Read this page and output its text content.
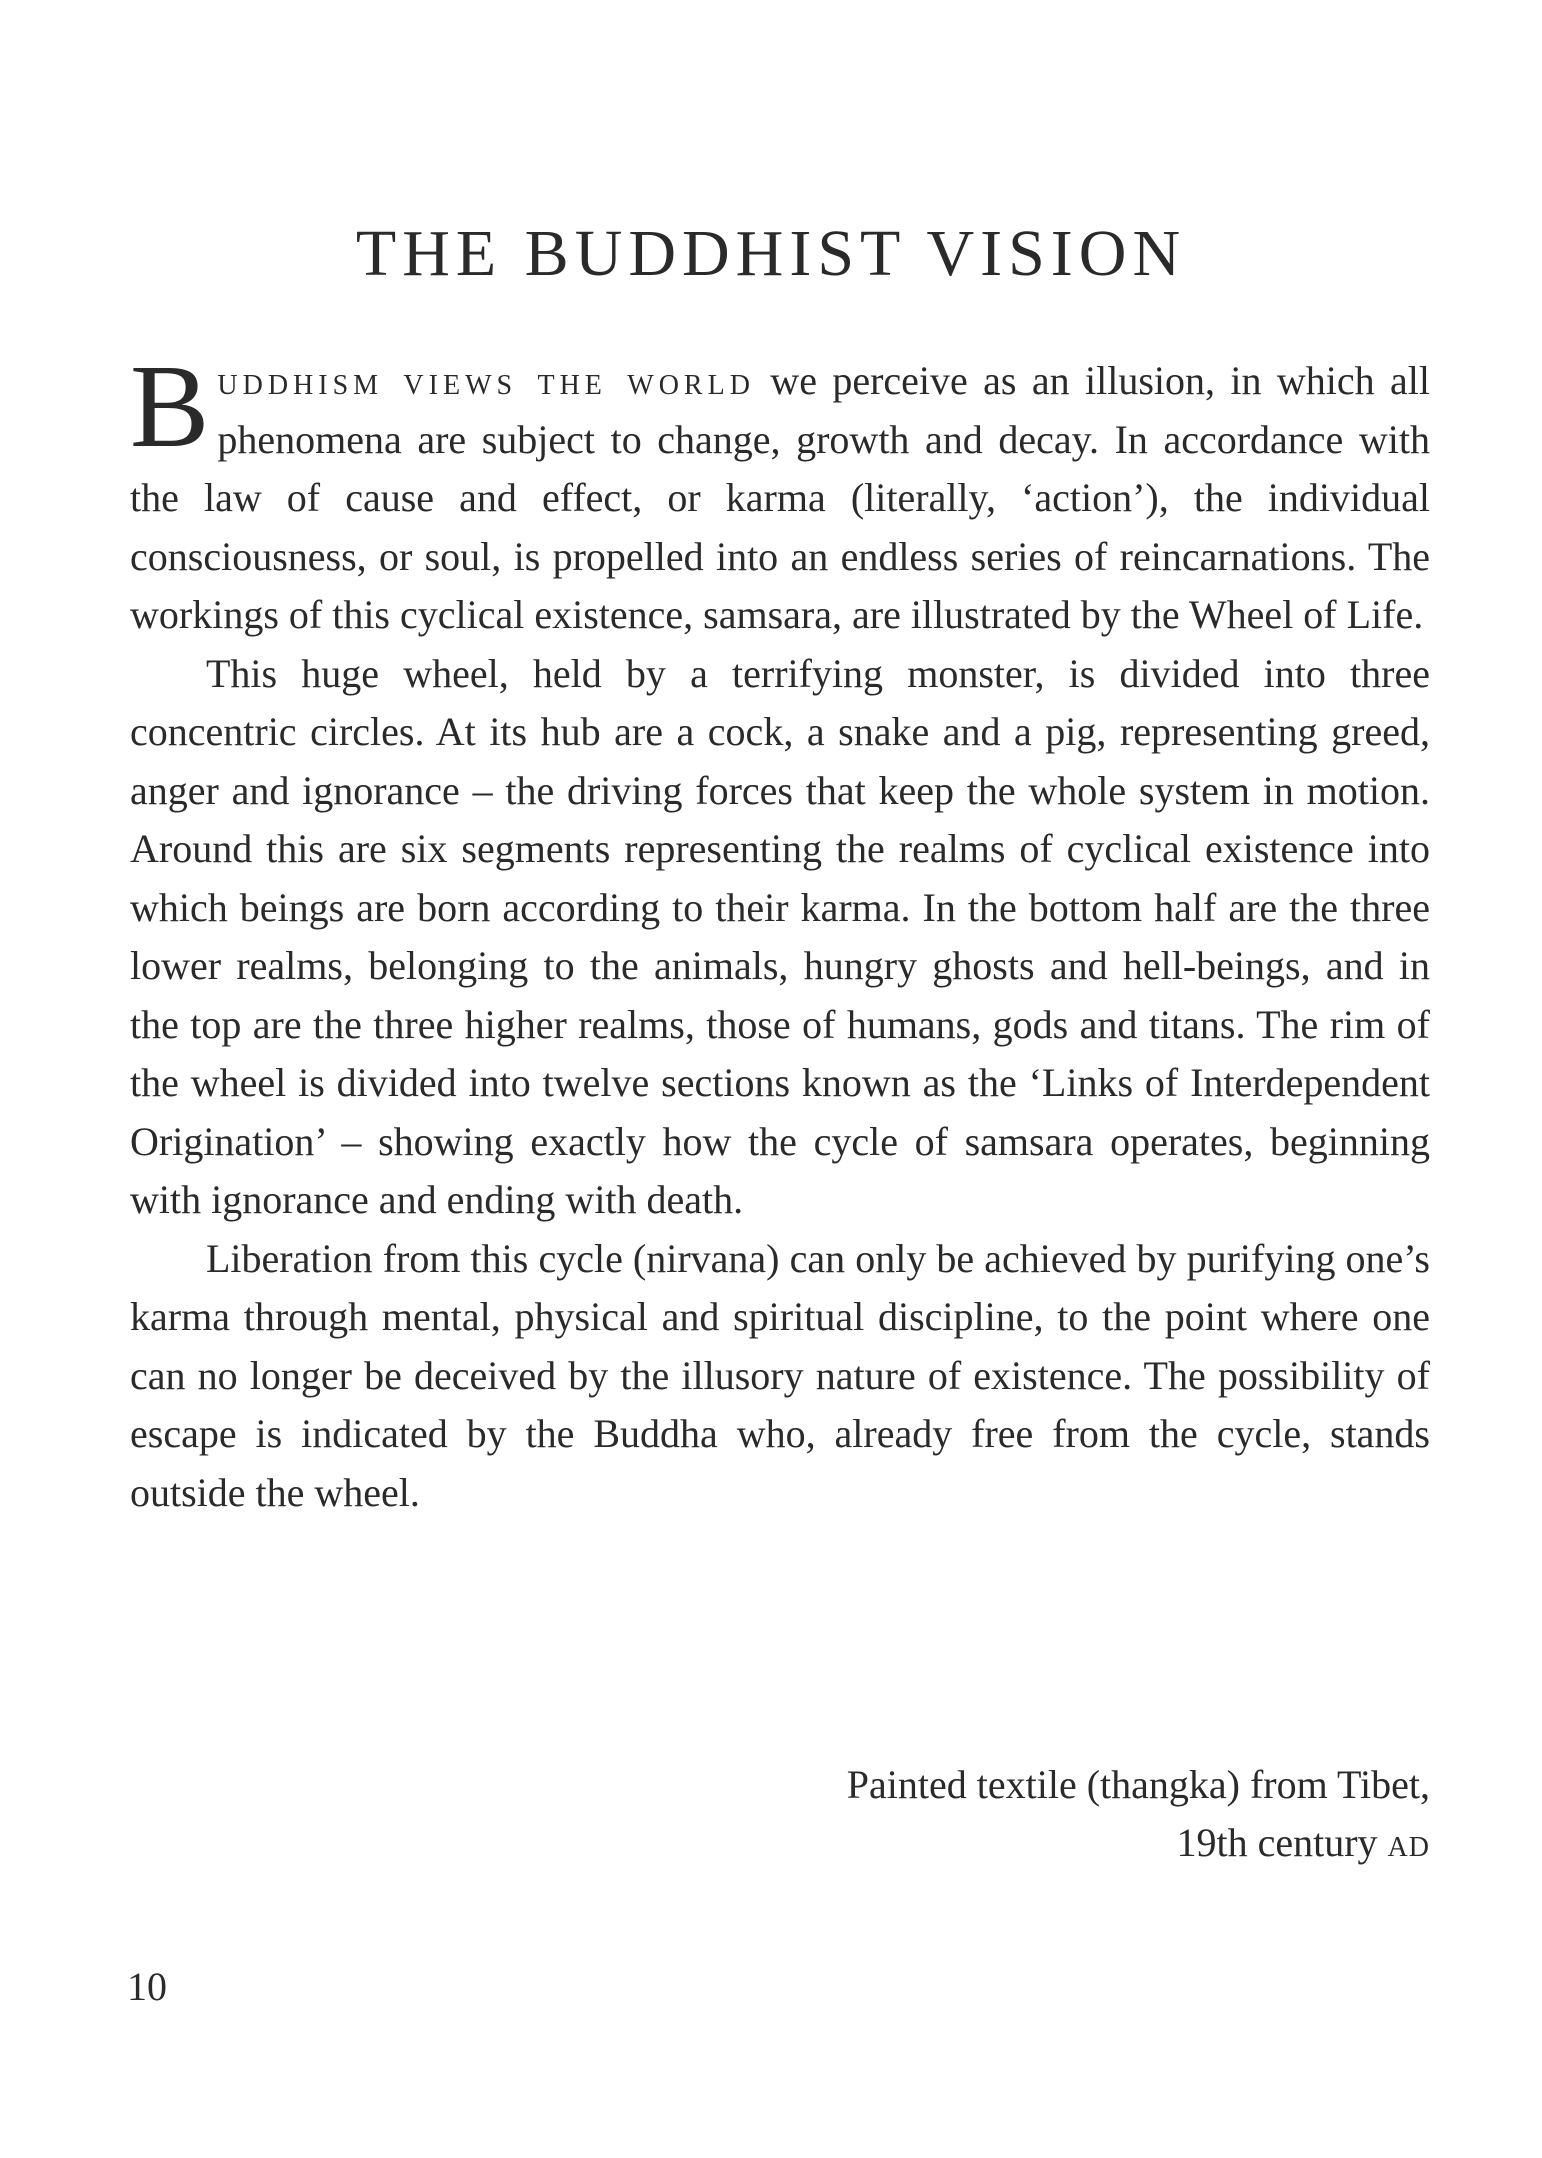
THE BUDDHIST VISION

Buddhism views the world we perceive as an illusion, in which all phenomena are subject to change, growth and decay. In accordance with the law of cause and effect, or karma (literally, ‘action’), the individual consciousness, or soul, is propelled into an endless series of reincarnations. The workings of this cyclical existence, samsara, are illustrated by the Wheel of Life.

This huge wheel, held by a terrifying monster, is divided into three concentric circles. At its hub are a cock, a snake and a pig, representing greed, anger and ignorance – the driving forces that keep the whole system in motion. Around this are six segments representing the realms of cyclical existence into which beings are born according to their karma. In the bottom half are the three lower realms, belonging to the animals, hungry ghosts and hell-beings, and in the top are the three higher realms, those of humans, gods and titans. The rim of the wheel is divided into twelve sections known as the ‘Links of Interdependent Origination’ – showing exactly how the cycle of samsara operates, beginning with ignorance and ending with death.

Liberation from this cycle (nirvana) can only be achieved by purifying one’s karma through mental, physical and spiritual discipline, to the point where one can no longer be deceived by the illusory nature of existence. The possibility of escape is indicated by the Buddha who, already free from the cycle, stands outside the wheel.

Painted textile (thangka) from Tibet,
19th century ad
10
